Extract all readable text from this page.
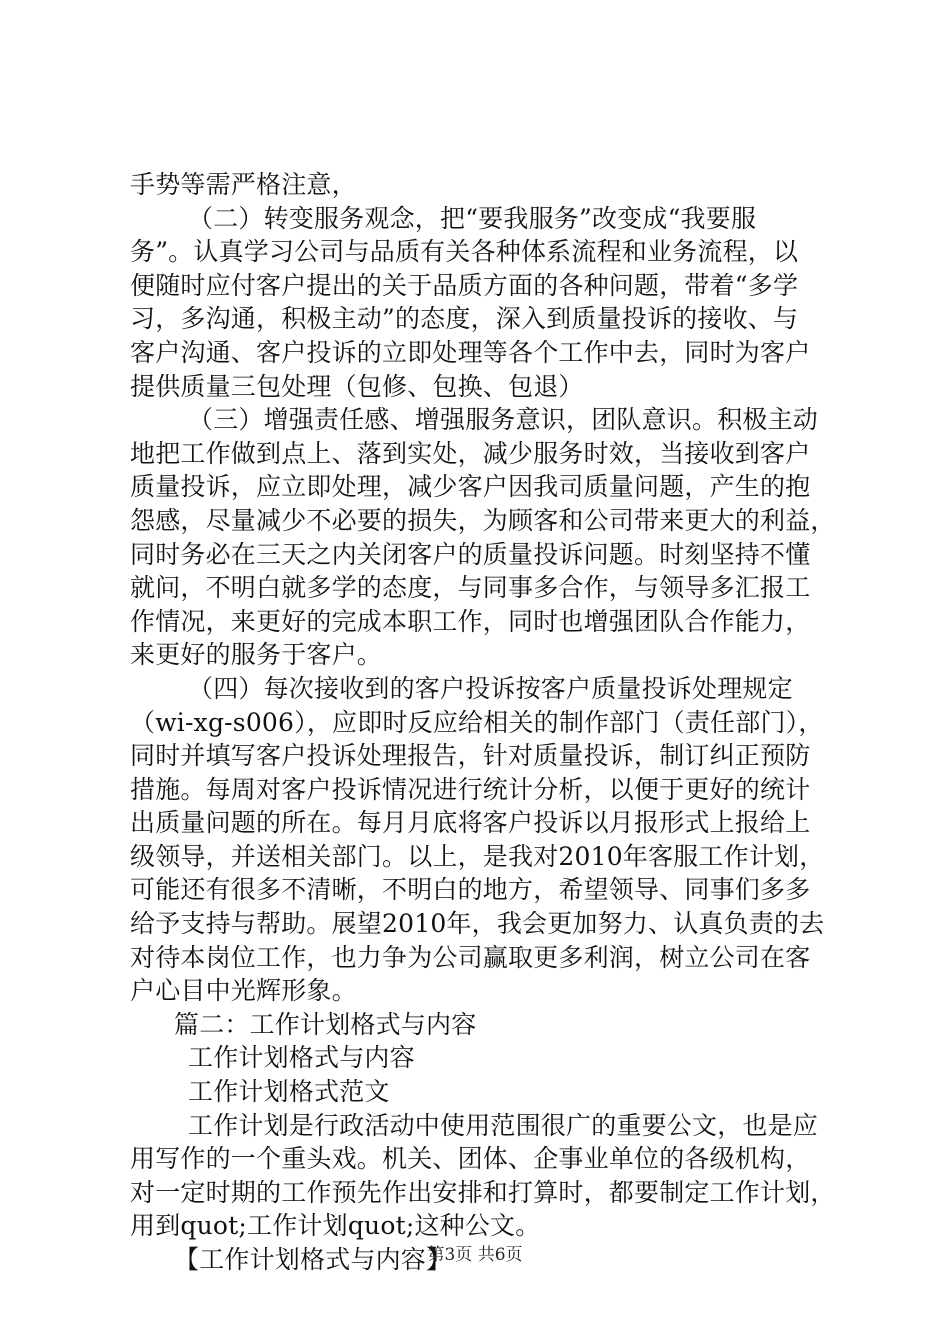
手势等需严格注意，
（二）转变服务观念，把“要我服务”改变成“我要服
务”。认真学习公司与品质有关各种体系流程和业务流程，以
便随时应付客户提出的关于品质方面的各种问题，带着“多学
习，多沟通，积极主动”的态度，深入到质量投诉的接收、与
客户沟通、客户投诉的立即处理等各个工作中去，同时为客户
提供质量三包处理（包修、包换、包退）
（三）增强责任感、增强服务意识，团队意识。积极主动
地把工作做到点上、落到实处，减少服务时效，当接收到客户
质量投诉，应立即处理，减少客户因我司质量问题，产生的抱
怨感，尽量减少不必要的损失，为顾客和公司带来更大的利益，
同时务必在三天之内关闭客户的质量投诉问题。时刻坚持不懂
就问，不明白就多学的态度，与同事多合作，与领导多汇报工
作情况，来更好的完成本职工作，同时也增强团队合作能力，
来更好的服务于客户。
（四）每次接收到的客户投诉按客户质量投诉处理规定
（wi-xg-s006），应即时反应给相关的制作部门（责任部门），
同时并填写客户投诉处理报告，针对质量投诉，制订纠正预防
措施。每周对客户投诉情况进行统计分析，以便于更好的统计
出质量问题的所在。每月月底将客户投诉以月报形式上报给上
级领导，并送相关部门。以上，是我对2010年客服工作计划，
可能还有很多不清晰，不明白的地方，希望领导、同事们多多
给予支持与帮助。展望2010年，我会更加努力、认真负责的去
对待本岗位工作，也力争为公司赢取更多利润，树立公司在客
户心目中光辉形象。
篇二：工作计划格式与内容
工作计划格式与内容
工作计划格式范文
工作计划是行政活动中使用范围很广的重要公文，也是应
用写作的一个重头戏。机关、团体、企事业单位的各级机构，
对一定时期的工作预先作出安排和打算时，都要制定工作计划，
用到quot;工作计划quot;这种公文。
【工作计划格式与内容】
第3页 共6页
